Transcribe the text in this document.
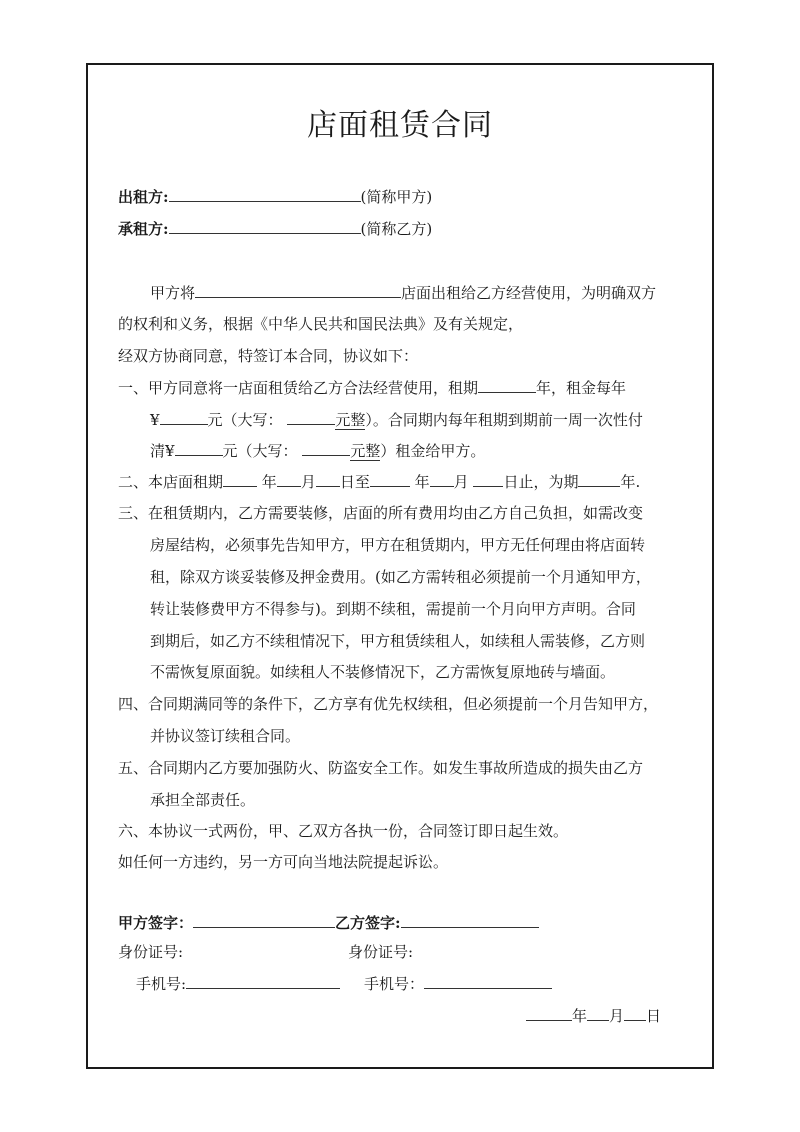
店面租赁合同
出租方:	(简称甲方)
承租方:	(简称乙方)
甲方将	店面出租给乙方经营使用，为明确双方
的权利和义务，根据《中华人民共和国民法典》及有关规定，
经双方协商同意，特签订本合同，协议如下：
一、甲方同意将一店面租赁给乙方合法经营使用，租期	年，租金每年
¥	元（大写：	元整）。合同期内每年租期到期前一周一次性付
清¥	元（大写：	元整）租金给甲方。
二、本店面租期	年 月 日至	年 月 日止，为期	年.
三、在租赁期内，乙方需要装修，店面的所有费用均由乙方自己负担，如需改变
房屋结构，必须事先告知甲方，甲方在租赁期内，甲方无任何理由将店面转
租，除双方谈妥装修及押金费用。(如乙方需转租必须提前一个月通知甲方，
转让装修费甲方不得参与)。到期不续租，需提前一个月向甲方声明。合同
到期后，如乙方不续租情况下，甲方租赁续租人，如续租人需装修，乙方则
不需恢复原面貌。如续租人不装修情况下，乙方需恢复原地砖与墙面。
四、合同期满同等的条件下，乙方享有优先权续租，但必须提前一个月告知甲方，
并协议签订续租合同。
五、合同期内乙方要加强防火、防盗安全工作。如发生事故所造成的损失由乙方
承担全部责任。
六、本协议一式两份，甲、乙双方各执一份，合同签订即日起生效。
如任何一方违约，另一方可向当地法院提起诉讼。
甲方签字：	乙方签字:
身份证号:	身份证号:
手机号:	手机号：
年 月 日
